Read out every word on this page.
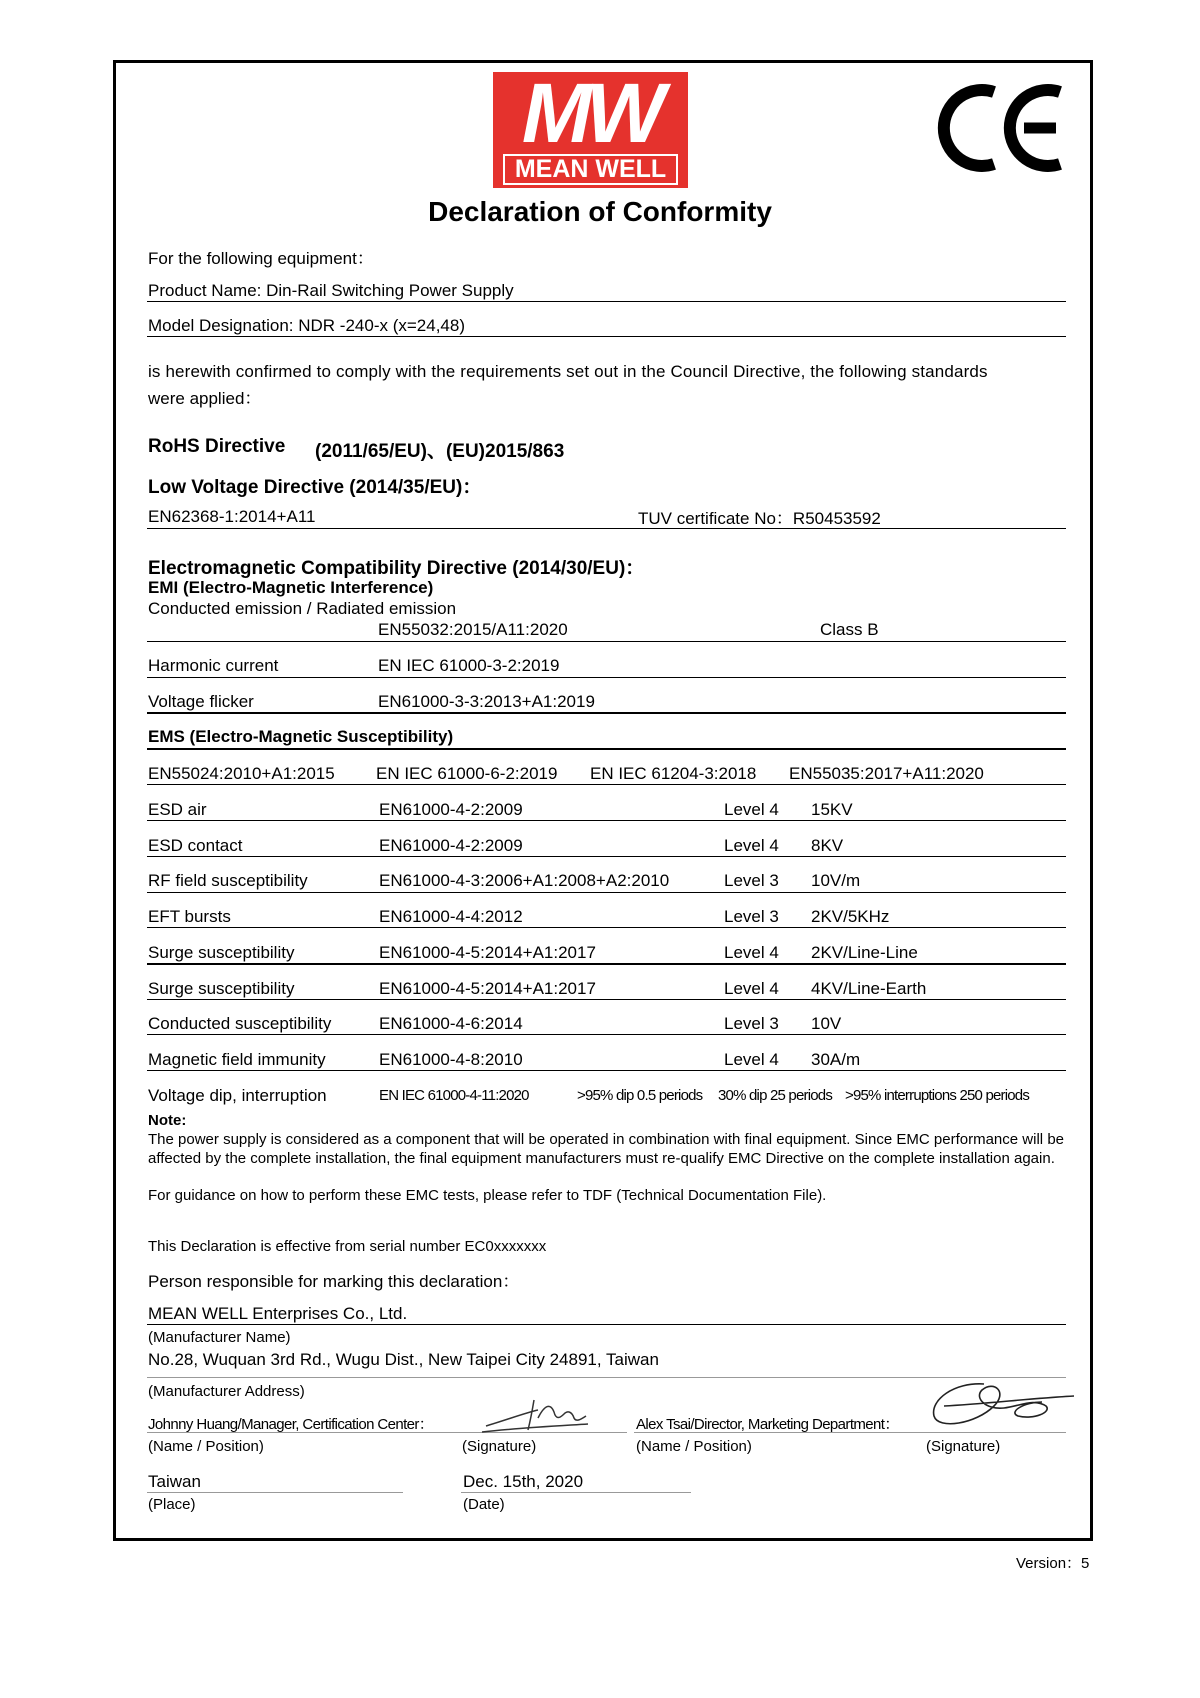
MW
MEAN WELL
Declaration of Conformity
For the following equipment：
Product Name: Din-Rail Switching Power Supply
Model Designation: NDR -240-x (x=24,48)
is herewith confirmed to comply with the requirements set out in the Council Directive, the following standards
were applied：
RoHS Directive (2011/65/EU)、(EU)2015/863
Low Voltage Directive (2014/35/EU)：
EN62368-1:2014+A11	TUV certificate No：R50453592
Electromagnetic Compatibility Directive (2014/30/EU)：
EMI (Electro-Magnetic Interference)
Conducted emission / Radiated emission
EN55032:2015/A11:2020	Class B
Harmonic current	EN IEC 61000-3-2:2019
Voltage flicker	EN61000-3-3:2013+A1:2019
EMS (Electro-Magnetic Susceptibility)
EN55024:2010+A1:2015 EN IEC 61000-6-2:2019 EN IEC 61204-3:2018 EN55035:2017+A11:2020
ESD air	EN61000-4-2:2009	Level 4 15KV
ESD contact	EN61000-4-2:2009	Level 4 8KV
RF field susceptibility	EN61000-4-3:2006+A1:2008+A2:2010	Level 3 10V/m
EFT bursts	EN61000-4-4:2012	Level 3 2KV/5KHz
Surge susceptibility	EN61000-4-5:2014+A1:2017	Level 4 2KV/Line-Line
Surge susceptibility	EN61000-4-5:2014+A1:2017	Level 4 4KV/Line-Earth
Conducted susceptibility	EN61000-4-6:2014	Level 3 10V
Magnetic field immunity	EN61000-4-8:2010	Level 4 30A/m
Voltage dip, interruption	EN IEC 61000-4-11:2020	>95% dip 0.5 periods 30% dip 25 periods >95% interruptions 250 periods
Note:
The power supply is considered as a component that will be operated in combination with final equipment. Since EMC performance will be affected by the complete installation, the final equipment manufacturers must re-qualify EMC Directive on the complete installation again.
For guidance on how to perform these EMC tests, please refer to TDF (Technical Documentation File).
This Declaration is effective from serial number EC0xxxxxxx
Person responsible for marking this declaration：
MEAN WELL Enterprises Co., Ltd.
(Manufacturer Name)
No.28, Wuquan 3rd Rd., Wugu Dist., New Taipei City 24891, Taiwan
(Manufacturer Address)
Johnny Huang/Manager, Certification Center：
(Name / Position)	(Signature)
Alex Tsai/Director, Marketing Department：
(Name / Position)	(Signature)
Taiwan
(Place)
Dec. 15th, 2020
(Date)
Version：5
